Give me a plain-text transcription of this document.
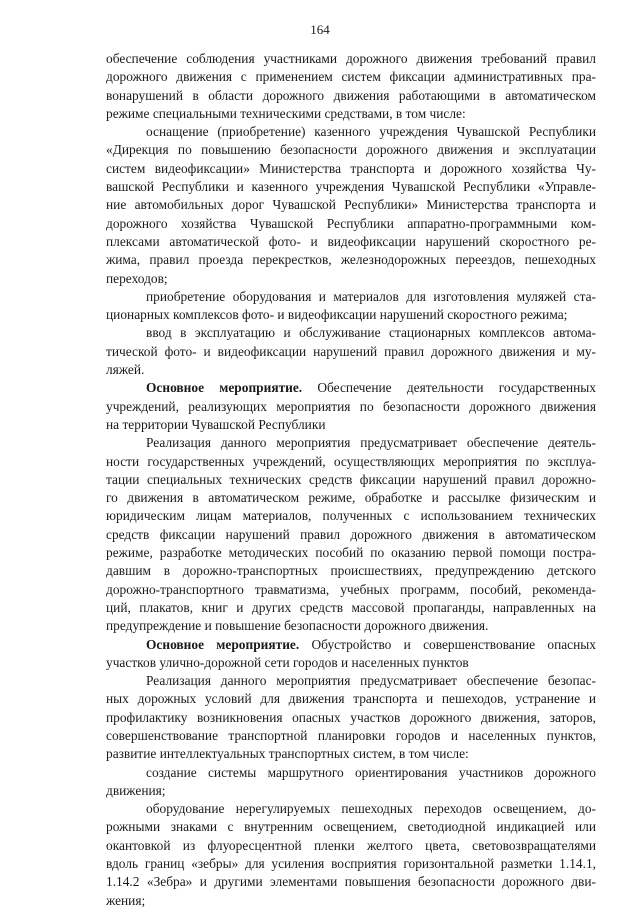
164
обеспечение соблюдения участниками дорожного движения требований правил
дорожного движения с применением систем фиксации административных пра-
вонарушений в области дорожного движения работающими в автоматическом
режиме специальными техническими средствами, в том числе:
оснащение (приобретение) казенного учреждения Чувашской Республики
«Дирекция по повышению безопасности дорожного движения и эксплуатации
систем видеофиксации» Министерства транспорта и дорожного хозяйства Чу-
вашской Республики и казенного учреждения Чувашской Республики «Управле-
ние автомобильных дорог Чувашской Республики» Министерства транспорта и
дорожного хозяйства Чувашской Республики аппаратно-программными ком-
плексами автоматической фото- и видеофиксации нарушений скоростного ре-
жима, правил проезда перекрестков, железнодорожных переездов, пешеходных
переходов;
приобретение оборудования и материалов для изготовления муляжей ста-
ционарных комплексов фото- и видеофиксации нарушений скоростного режима;
ввод в эксплуатацию и обслуживание стационарных комплексов автома-
тической фото- и видеофиксации нарушений правил дорожного движения и му-
ляжей.
Основное мероприятие. Обеспечение деятельности государственных
учреждений, реализующих мероприятия по безопасности дорожного движения
на территории Чувашской Республики
Реализация данного мероприятия предусматривает обеспечение деятель-
ности государственных учреждений, осуществляющих мероприятия по эксплуа-
тации специальных технических средств фиксации нарушений правил дорожно-
го движения в автоматическом режиме, обработке и рассылке физическим и
юридическим лицам материалов, полученных с использованием технических
средств фиксации нарушений правил дорожного движения в автоматическом
режиме, разработке методических пособий по оказанию первой помощи постра-
давшим в дорожно-транспортных происшествиях, предупреждению детского
дорожно-транспортного травматизма, учебных программ, пособий, рекоменда-
ций, плакатов, книг и других средств массовой пропаганды, направленных на
предупреждение и повышение безопасности дорожного движения.
Основное мероприятие. Обустройство и совершенствование опасных
участков улично-дорожной сети городов и населенных пунктов
Реализация данного мероприятия предусматривает обеспечение безопас-
ных дорожных условий для движения транспорта и пешеходов, устранение и
профилактику возникновения опасных участков дорожного движения, заторов,
совершенствование транспортной планировки городов и населенных пунктов,
развитие интеллектуальных транспортных систем, в том числе:
создание системы маршрутного ориентирования участников дорожного
движения;
оборудование нерегулируемых пешеходных переходов освещением, до-
рожными знаками с внутренним освещением, светодиодной индикацией или
окантовкой из флуоресцентной пленки желтого цвета, световозвращателями
вдоль границ «зебры» для усиления восприятия горизонтальной разметки 1.14.1,
1.14.2 «Зебра» и другими элементами повышения безопасности дорожного дви-
жения;
